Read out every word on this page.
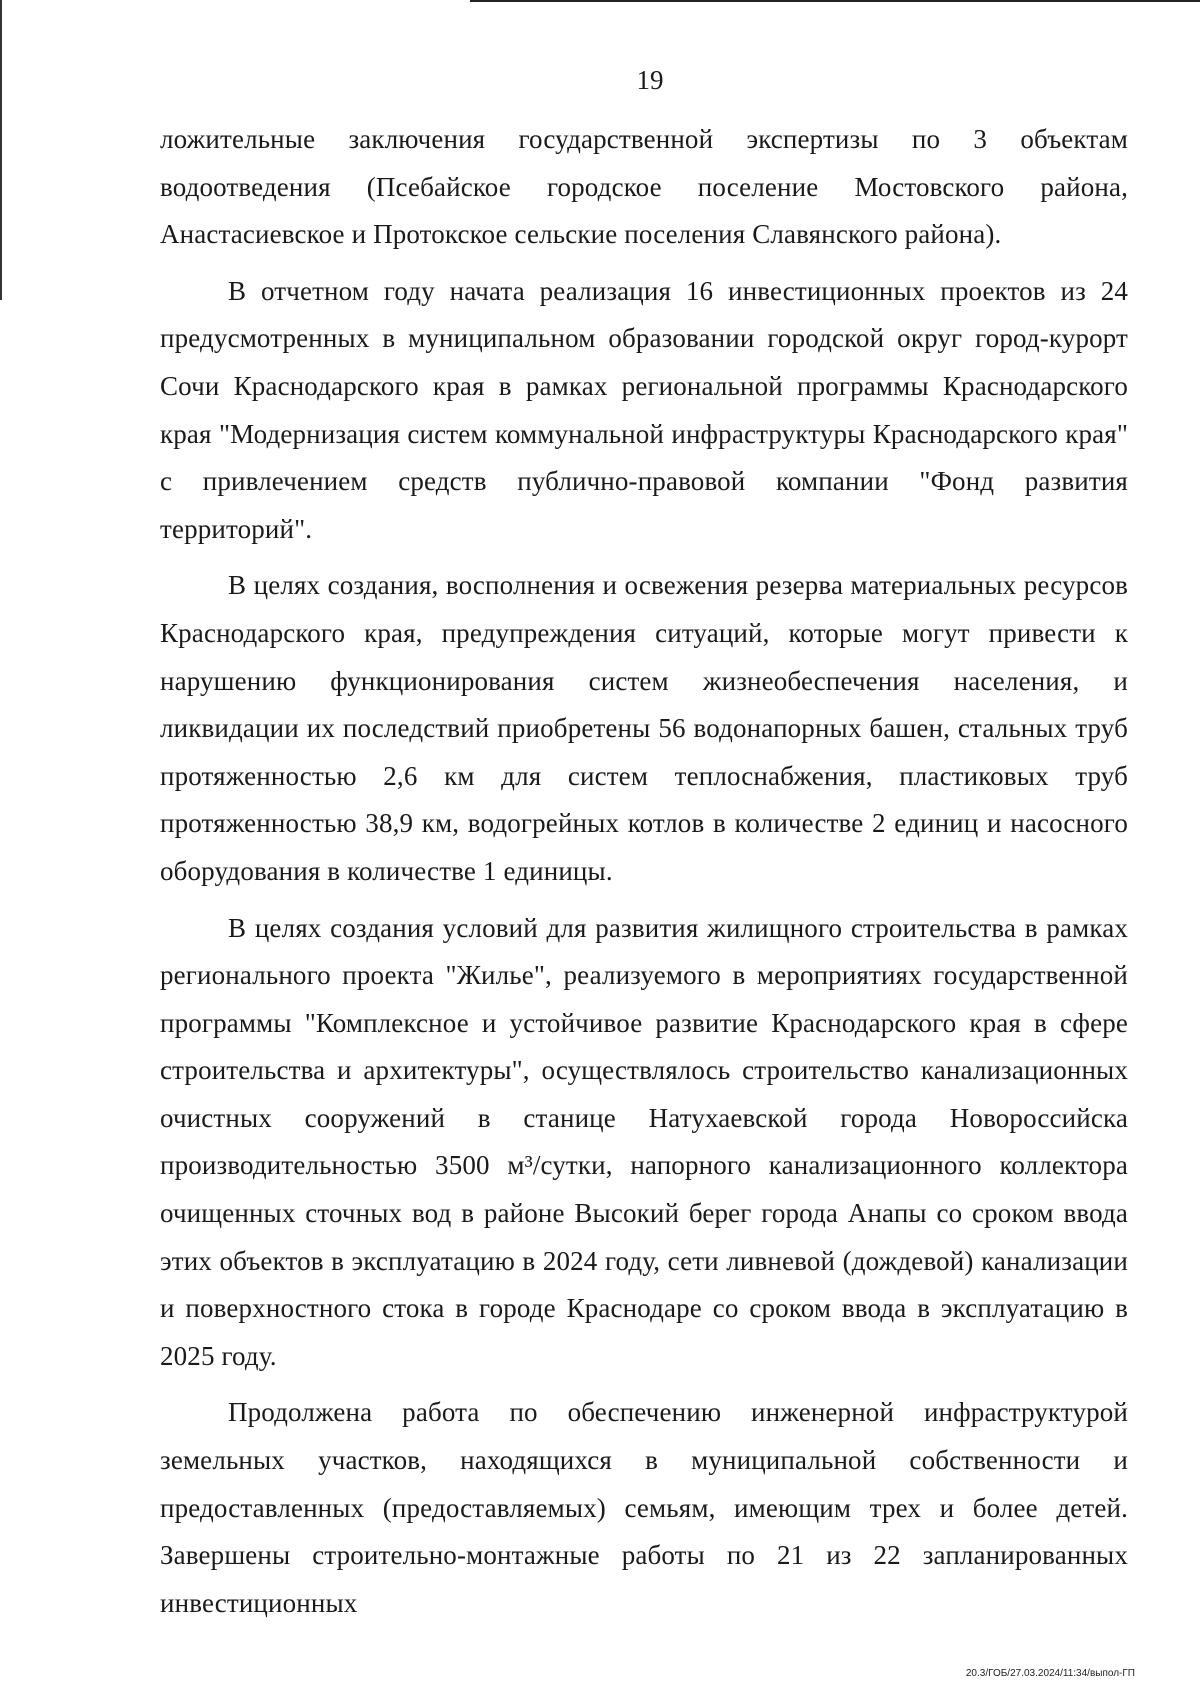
19

ложительные заключения государственной экспертизы по 3 объектам водоотведения (Псебайское городское поселение Мостовского района, Анастасиевское и Протокское сельские поселения Славянского района).

В отчетном году начата реализация 16 инвестиционных проектов из 24 предусмотренных в муниципальном образовании городской округ город-курорт Сочи Краснодарского края в рамках региональной программы Краснодарского края "Модернизация систем коммунальной инфраструктуры Краснодарского края" с привлечением средств публично-правовой компании "Фонд развития территорий".

В целях создания, восполнения и освежения резерва материальных ресурсов Краснодарского края, предупреждения ситуаций, которые могут привести к нарушению функционирования систем жизнеобеспечения населения, и ликвидации их последствий приобретены 56 водонапорных башен, стальных труб протяженностью 2,6 км для систем теплоснабжения, пластиковых труб протяженностью 38,9 км, водогрейных котлов в количестве 2 единиц и насосного оборудования в количестве 1 единицы.

В целях создания условий для развития жилищного строительства в рамках регионального проекта "Жилье", реализуемого в мероприятиях государственной программы "Комплексное и устойчивое развитие Краснодарского края в сфере строительства и архитектуры", осуществлялось строительство канализационных очистных сооружений в станице Натухаевской города Новороссийска производительностью 3500 м³/сутки, напорного канализационного коллектора очищенных сточных вод в районе Высокий берег города Анапы со сроком ввода этих объектов в эксплуатацию в 2024 году, сети ливневой (дождевой) канализации и поверхностного стока в городе Краснодаре со сроком ввода в эксплуатацию в 2025 году.

Продолжена работа по обеспечению инженерной инфраструктурой земельных участков, находящихся в муниципальной собственности и предоставленных (предоставляемых) семьям, имеющим трех и более детей. Завершены строительно-монтажные работы по 21 из 22 запланированных инвестиционных

20.3/ГОБ/27.03.2024/11:34/выпол-ГП
